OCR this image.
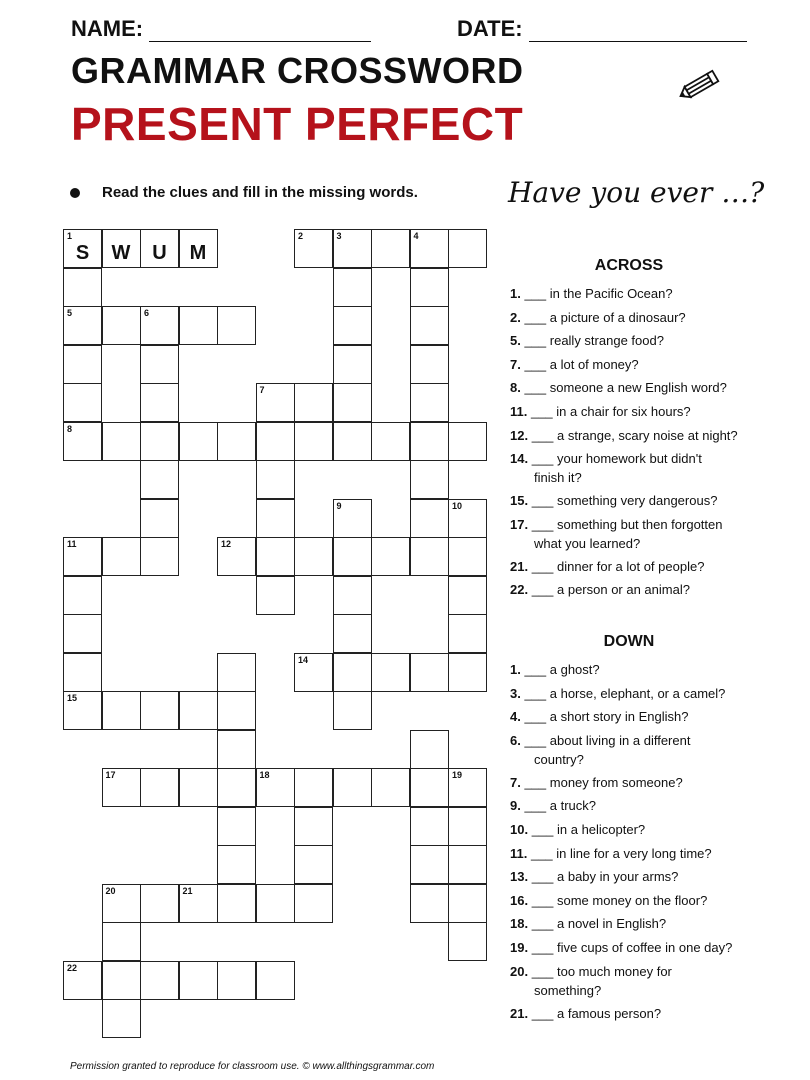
NAME:	DATE:
GRAMMAR CROSSWORD
PRESENT PERFECT
Read the clues and fill in the missing words.	Have you ever …?
1
S	W	U	M
2	3	4
5	6
7
8
11	12
14
15
17	18	19
20	21
22
9	10
ACROSS
1. ___ in the Pacific Ocean?
2. ___ a picture of a dinosaur?
5. ___ really strange food?
7. ___ a lot of money?
8. ___ someone a new English word?
11. ___ in a chair for six hours?
12. ___ a strange, scary noise at night?
14. ___ your homework but didn't
finish it?
15. ___ something very dangerous?
17. ___ something but then forgotten
what you learned?
21. ___ dinner for a lot of people?
22. ___ a person or an animal?
DOWN
1. ___ a ghost?
3. ___ a horse, elephant, or a camel?
4. ___ a short story in English?
6. ___ about living in a different
country?
7. ___ money from someone?
9. ___ a truck?
10. ___ in a helicopter?
11. ___ in line for a very long time?
13. ___ a baby in your arms?
16. ___ some money on the floor?
18. ___ a novel in English?
19. ___ five cups of coffee in one day?
20. ___ too much money for
something?
21. ___ a famous person?
Permission granted to reproduce for classroom use. © www.allthingsgrammar.com
